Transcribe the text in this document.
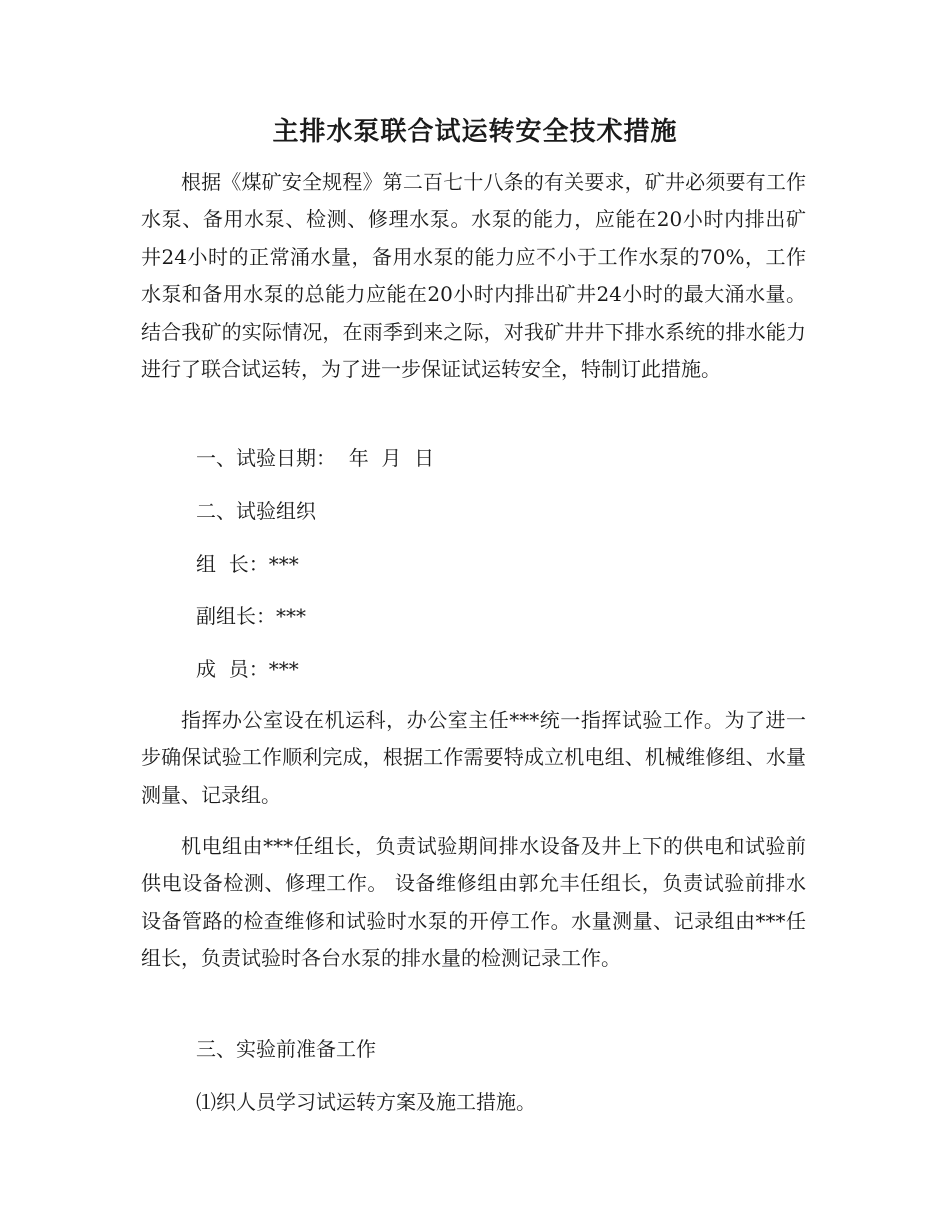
主排水泵联合试运转安全技术措施

根据《煤矿安全规程》第二百七十八条的有关要求，矿井必须要有工作水泵、备用水泵、检测、修理水泵。水泵的能力，应能在20小时内排出矿井24小时的正常涌水量，备用水泵的能力应不小于工作水泵的70%，工作水泵和备用水泵的总能力应能在20小时内排出矿井24小时的最大涌水量。结合我矿的实际情况，在雨季到来之际，对我矿井井下排水系统的排水能力进行了联合试运转，为了进一步保证试运转安全，特制订此措施。

一、试验日期：  年  月  日

二、试验组织

组  长：***

副组长：***

成  员：***

指挥办公室设在机运科，办公室主任***统一指挥试验工作。为了进一步确保试验工作顺利完成，根据工作需要特成立机电组、机械维修组、水量测量、记录组。

机电组由***任组长，负责试验期间排水设备及井上下的供电和试验前 供电设备检测、修理工作。 设备维修组由郭允丰任组长，负责试验前排水设备管路的检查维修和试验时水泵的开停工作。水量测量、记录组由***任组长，负责试验时各台水泵的排水量的检测记录工作。

三、实验前准备工作

⑴织人员学习试运转方案及施工措施。
